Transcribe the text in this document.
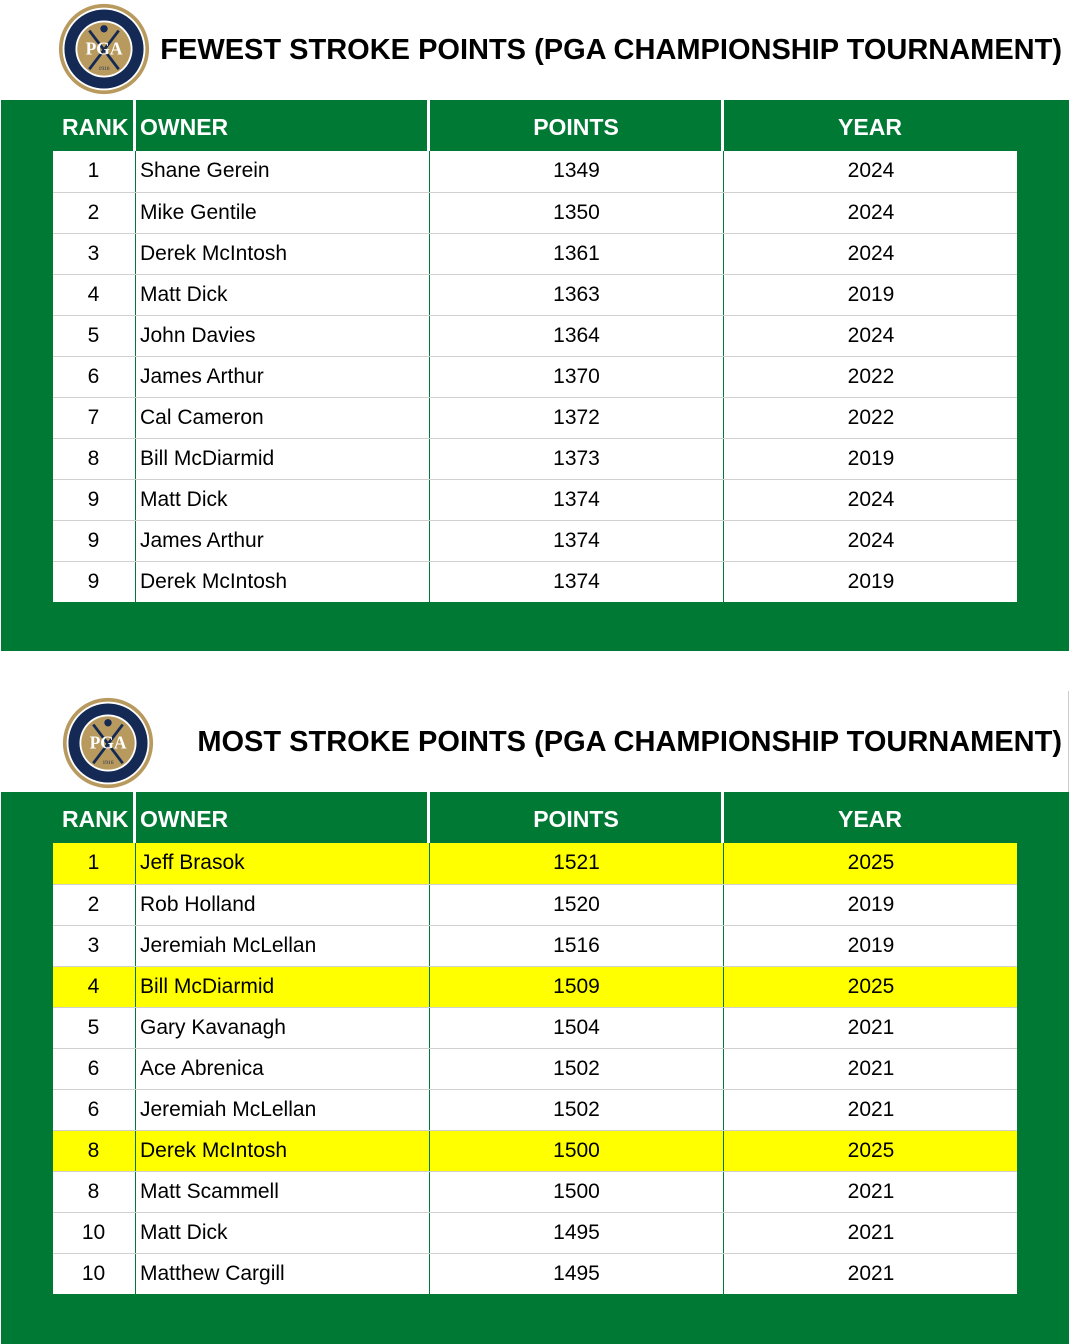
PGA
1916
FEWEST STROKE POINTS (PGA CHAMPIONSHIP TOURNAMENT)
RANK OWNER	POINTS	YEAR
1	Shane Gerein	1349	2024
2	Mike Gentile	1350	2024
3	Derek McIntosh	1361	2024
4	Matt Dick	1363	2019
5	John Davies	1364	2024
6	James Arthur	1370	2022
7	Cal Cameron	1372	2022
8	Bill McDiarmid	1373	2019
9	Matt Dick	1374	2024
9	James Arthur	1374	2024
9	Derek McIntosh	1374	2019
PGA
1916
MOST STROKE POINTS (PGA CHAMPIONSHIP TOURNAMENT)
RANK OWNER	POINTS	YEAR
1	Jeff Brasok	1521	2025
2	Rob Holland	1520	2019
3	Jeremiah McLellan	1516	2019
4	Bill McDiarmid	1509	2025
5	Gary Kavanagh	1504	2021
6	Ace Abrenica	1502	2021
6	Jeremiah McLellan	1502	2021
8	Derek McIntosh	1500	2025
8	Matt Scammell	1500	2021
10	Matt Dick	1495	2021
10	Matthew Cargill	1495	2021
